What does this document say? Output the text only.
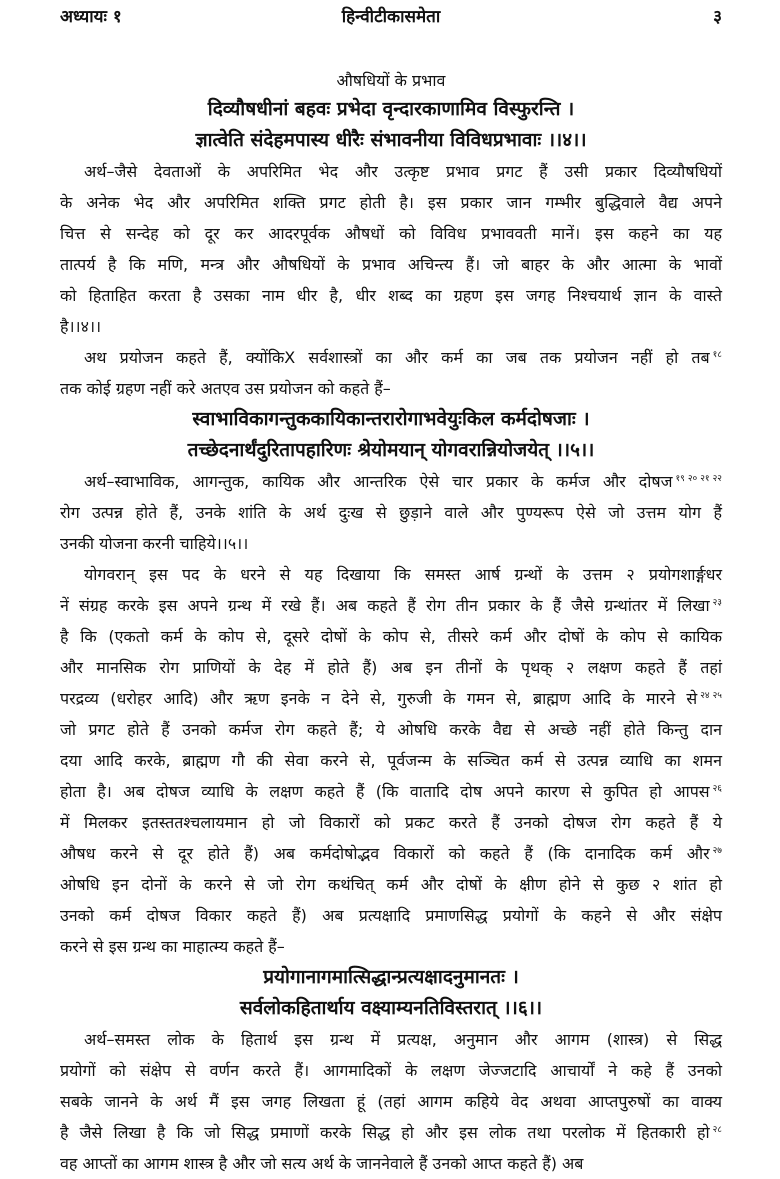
अध्यायः १	हिन्वीटीकासमेता	३
औषधियों के प्रभाव
दिव्यौषधीनां बहवः प्रभेदा वृन्दारकाणामिव विस्फुरन्ति ।
ज्ञात्वेति संदेहमपास्य धीरैः संभावनीया विविधप्रभावाः ।।४।।
अर्थ–जैसे देवताओं के अपरिमित भेद और उत्कृष्ट प्रभाव प्रगट हैं उसी प्रकार दिव्यौषधियों
के अनेक भेद और अपरिमित शक्ति प्रगट होती है। इस प्रकार जान गम्भीर बुद्धिवाले वैद्य अपने
चित्त से सन्देह को दूर कर आदरपूर्वक औषधों को विविध प्रभाववती मानें। इस कहने का यह
तात्पर्य है कि मणि, मन्त्र और औषधियों के प्रभाव अचिन्त्य हैं। जो बाहर के और आत्मा के भावों
को हिताहित करता है उसका नाम धीर है, धीर शब्द का ग्रहण इस जगह निश्चयार्थ ज्ञान के वास्ते
है।।४।।
अथ प्रयोजन कहते हैं, क्योंकिX सर्वशास्त्रों का और कर्म का जब तक प्रयोजन नहीं हो तब $^{१८}$
तक कोई ग्रहण नहीं करे अतएव उस प्रयोजन को कहते हैं–
स्वाभाविकागन्तुककायिकान्तरारोगाभवेयुःकिल कर्मदोषजाः ।
तच्छेदनार्थंदुरितापहारिणः श्रेयोमयान् योगवरान्नियोजयेत् ।।५।।
अर्थ–स्वाभाविक, आगन्तुक, कायिक और आन्तरिक ऐसे चार प्रकार के कर्मज और दोषज $^{१९}$ $^{२०}$ $^{२१}$ $^{२२}$
रोग उत्पन्न होते हैं, उनके शांति के अर्थ दुःख से छुड़ाने वाले और पुण्यरूप ऐसे जो उत्तम योग हैं
उनकी योजना करनी चाहिये।।५।।
योगवरान् इस पद के धरने से यह दिखाया कि समस्त आर्ष ग्रन्थों के उत्तम २ प्रयोगशार्ङ्गधर
नें संग्रह करके इस अपने ग्रन्थ में रखे हैं। अब कहते हैं रोग तीन प्रकार के हैं जैसे ग्रन्थांतर में लिखा $^{२३}$
है कि (एकतो कर्म के कोप से, दूसरे दोषों के कोप से, तीसरे कर्म और दोषों के कोप से कायिक
और मानसिक रोग प्राणियों के देह में होते हैं) अब इन तीनों के पृथक् २ लक्षण कहते हैं तहां
परद्रव्य (धरोहर आदि) और ऋण इनके न देने से, गुरुजी के गमन से, ब्राह्मण आदि के मारने से $^{२४}$ $^{२५}$
जो प्रगट होते हैं उनको कर्मज रोग कहते हैं; ये ओषधि करके वैद्य से अच्छे नहीं होते किन्तु दान
दया आदि करके, ब्राह्मण गौ की सेवा करने से, पूर्वजन्म के सञ्चित कर्म से उत्पन्न व्याधि का शमन
होता है। अब दोषज व्याधि के लक्षण कहते हैं (कि वातादि दोष अपने कारण से कुपित हो आपस $^{२६}$
में मिलकर इतस्ततश्चलायमान हो जो विकारों को प्रकट करते हैं उनको दोषज रोग कहते हैं ये
औषध करने से दूर होते हैं) अब कर्मदोषोद्भव विकारों को कहते हैं (कि दानादिक कर्म और $^{२७}$
ओषधि इन दोनों के करने से जो रोग कथंचित् कर्म और दोषों के क्षीण होने से कुछ २ शांत हो
उनको कर्म दोषज विकार कहते हैं) अब प्रत्यक्षादि प्रमाणसिद्ध प्रयोगों के कहने से और संक्षेप
करने से इस ग्रन्थ का माहात्म्य कहते हैं–
प्रयोगानागमात्सिद्धान्प्रत्यक्षादनुमानतः ।
सर्वलोकहितार्थाय वक्ष्याम्यनतिविस्तरात् ।।६।।
अर्थ–समस्त लोक के हितार्थ इस ग्रन्थ में प्रत्यक्ष, अनुमान और आगम (शास्त्र) से सिद्ध
प्रयोगों को संक्षेप से वर्णन करते हैं। आगमादिकों के लक्षण जेज्जटादि आचार्यों ने कहे हैं उनको
सबके जानने के अर्थ मैं इस जगह लिखता हूं (तहां आगम कहिये वेद अथवा आप्तपुरुषों का वाक्य
है जैसे लिखा है कि जो सिद्ध प्रमाणों करके सिद्ध हो और इस लोक तथा परलोक में हितकारी हो $^{२८}$
वह आप्तों का आगम शास्त्र है और जो सत्य अर्थ के जाननेवाले हैं उनको आप्त कहते हैं) अब
